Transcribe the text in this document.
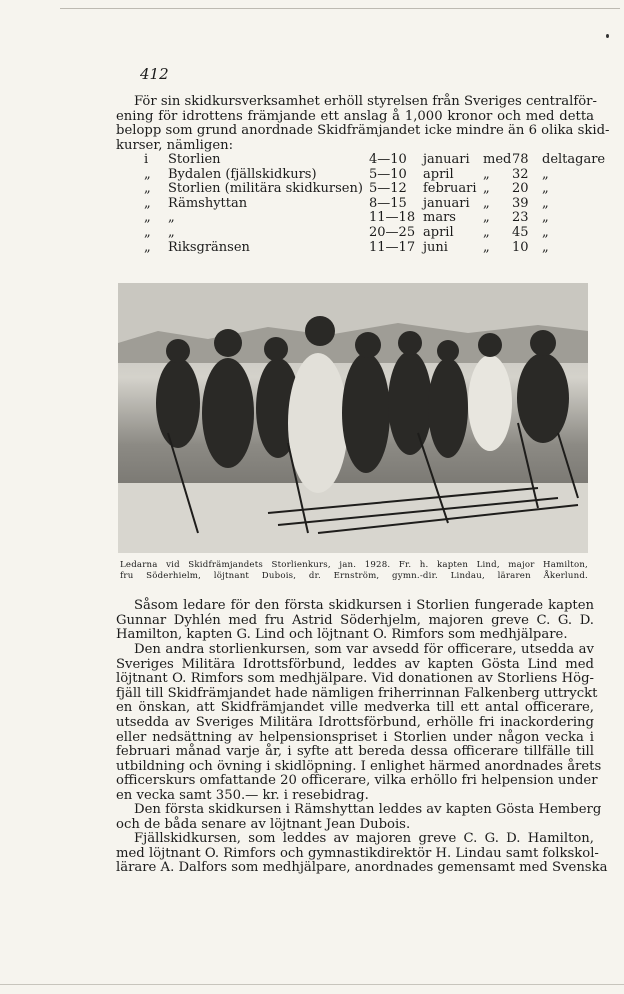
412
För sin skidkursverksamhet erhöll styrelsen från Sveriges centralför-
ening för idrottens främjande ett anslag å 1,000 kronor och med detta
belopp som grund anordnade Skidfrämjandet icke mindre än 6 olika skid-
kurser, nämligen:
i Storlien	4—10 januari med 78 deltagare
„ Bydalen (fjällskidkurs)	5—10 april „ 32 „
„ Storlien (militära skidkursen) 5—12 februari „ 20 „
„ Rämshyttan	8—15 januari „ 39 „
„ „	11—18 mars „ 23 „
„ „	20—25 april „ 45 „
„ Riksgränsen	11—17 juni	„ 10 „
Ledarna vid Skidfrämjandets Storlienkurs, jan. 1928. Fr. h. kapten Lind, major Hamilton,
fru Söderhielm, löjtnant Dubois, dr. Ernström, gymn.-dir. Lindau, läraren Åkerlund.
Såsom ledare för den första skidkursen i Storlien fungerade kapten
Gunnar Dyhlén med fru Astrid Söderhjelm, majoren greve C. G. D.
Hamilton, kapten G. Lind och löjtnant O. Rimfors som medhjälpare.
Den andra storlienkursen, som var avsedd för officerare, utsedda av
Sveriges Militära Idrottsförbund, leddes av kapten Gösta Lind med
löjtnant O. Rimfors som medhjälpare. Vid donationen av Storliens Hög-
fjäll till Skidfrämjandet hade nämligen friherrinnan Falkenberg uttryckt
en önskan, att Skidfrämjandet ville medverka till ett antal officerare,
utsedda av Sveriges Militära Idrottsförbund, erhölle fri inackordering
eller nedsättning av helpensionspriset i Storlien under någon vecka i
februari månad varje år, i syfte att bereda dessa officerare tillfälle till
utbildning och övning i skidlöpning. I enlighet härmed anordnades årets
officerskurs omfattande 20 officerare, vilka erhöllo fri helpension under
en vecka samt 350.— kr. i resebidrag.
Den första skidkursen i Rämshyttan leddes av kapten Gösta Hemberg
och de båda senare av löjtnant Jean Dubois.
Fjällskidkursen, som leddes av majoren greve C. G. D. Hamilton,
med löjtnant O. Rimfors och gymnastikdirektör H. Lindau samt folkskol-
lärare A. Dalfors som medhjälpare, anordnades gemensamt med Svenska
